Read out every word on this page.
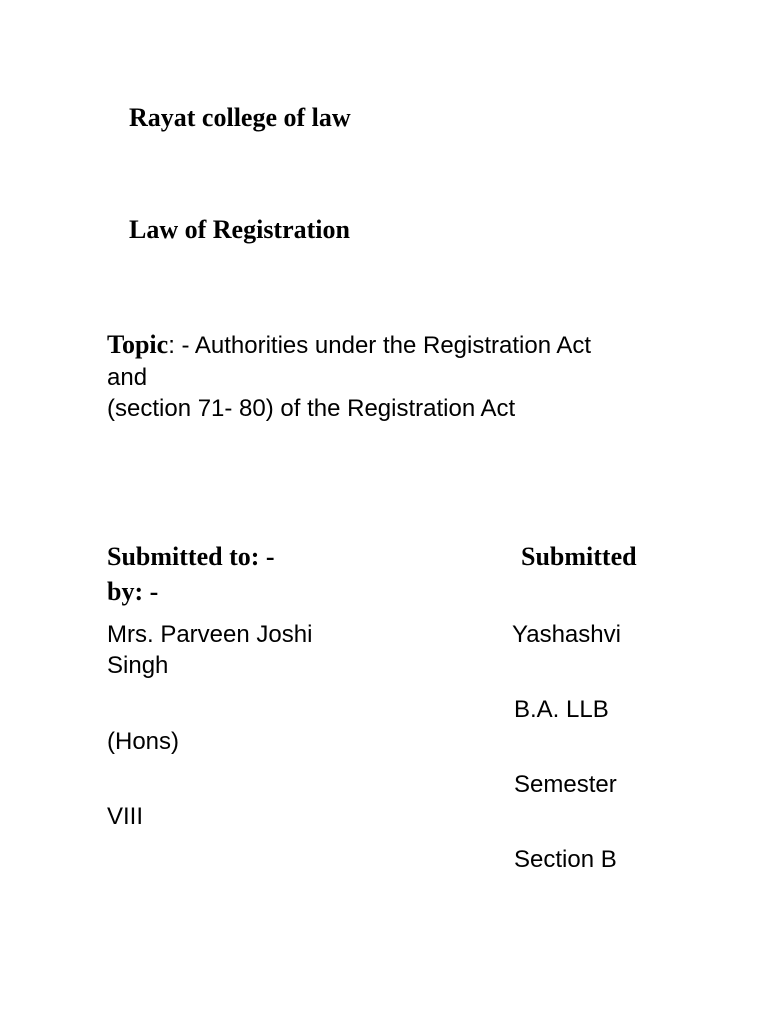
Rayat college of law
Law of Registration
Topic: - Authorities under the Registration Act
and
(section 71- 80) of the Registration Act
Submitted to: -	Submitted
by: -
Mrs. Parveen Joshi	Yashashvi
Singh
B.A. LLB
(Hons)
Semester
VIII
Section B
